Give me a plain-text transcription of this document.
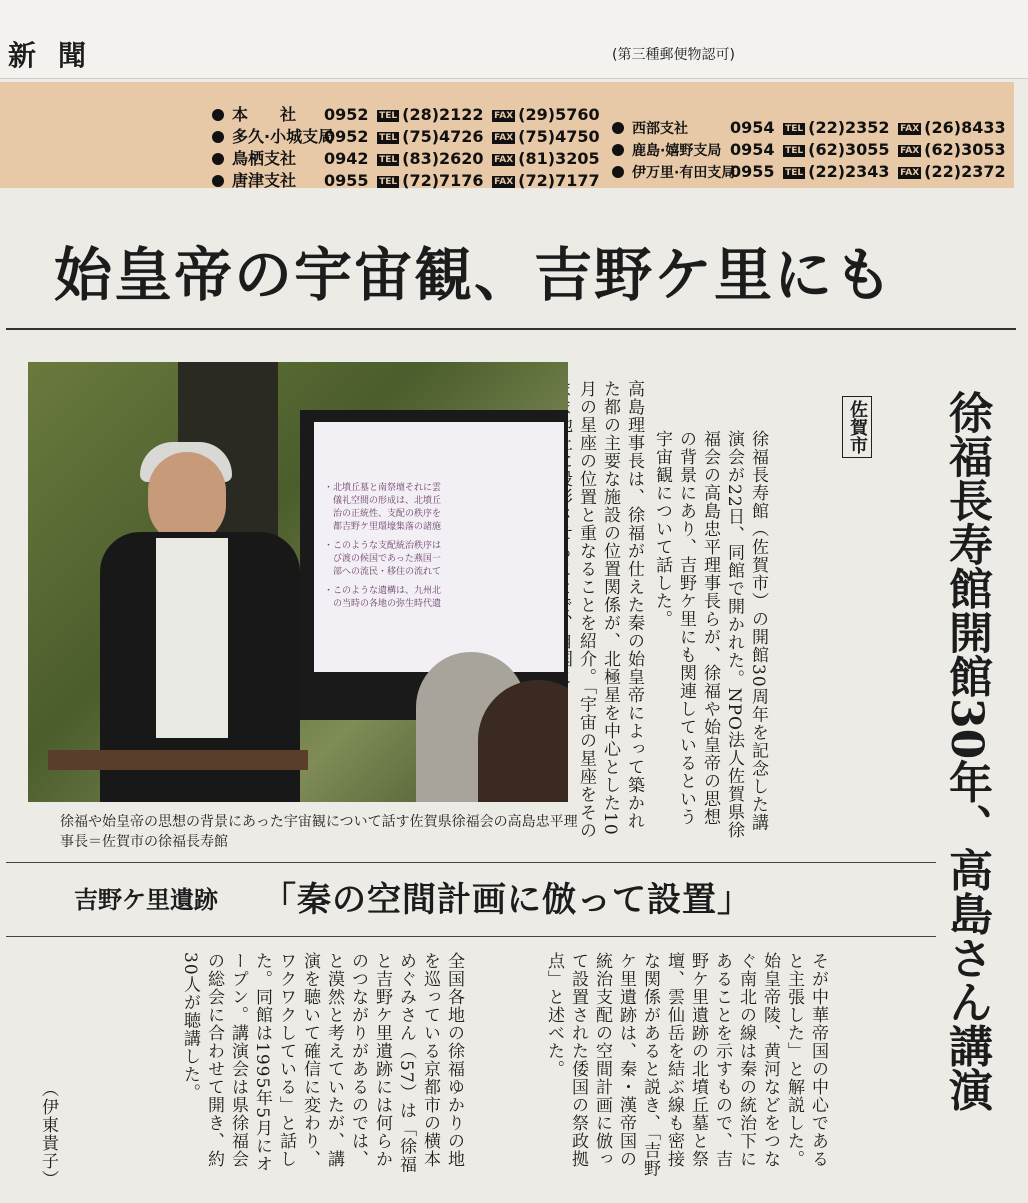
新聞	(第三種郵便物認可)
始皇帝の宇宙観、吉野ケ里にも
徐福長寿館開館30年、高島さん講演
佐賀市
徐福長寿館（佐賀市）の開館30周年を記念した講演会が22日、同館で開かれた。NPO法人佐賀県徐福会の高島忠平理事長らが、徐福や始皇帝の思想の背景にあり、吉野ケ里にも関連しているという宇宙観について話した。
高島理事長は、徐福が仕えた秦の始皇帝によって築かれた都の主要な施設の位置関係が、北極星を中心とした10月の星座の位置と重なることを紹介。「宇宙の星座をその
・北墳丘墓と南祭壇それに雲
　儀礼空間の形成は、北墳丘
　治の正統性、支配の秩序を
　都吉野ケ里環壕集落の諸施
・このような支配統治秩序は
　び渡の候国であった燕国一
　部への流民・移住の流れて
・このような遺構は、九州北
　の当時の各地の弥生時代遺
徐福や始皇帝の思想の背景にあった宇宙観について話す佐賀県徐福会の高島忠平理事長＝佐賀市の徐福長寿館
吉野ケ里遺跡 「秦の空間計画に倣って設置」
そが中華帝国の中心であると主張した」と解説した。始皇帝陵、黄河などをつなぐ南北の線は秦の統治下にあることを示すもので、吉野ケ里遺跡の北墳丘墓と祭壇、雲仙岳を結ぶ線も密接な関係があると説き、「吉野ケ里遺跡は、秦・漢帝国の統治支配の空間計画に倣って設置された倭国の祭政拠点」と述べた。
全国各地の徐福ゆかりの地を巡っている京都市の横本めぐみさん（57）は「徐福と吉野ケ里遺跡には何らかのつながりがあるのでは、と漠然と考えていたが、講演を聴いて確信に変わり、ワクワクしている」と話した。同館は1995年5月にオープン。講演会は県徐福会の総会に合わせて開き、約30人が聴講した。
（伊東貴子）
本　　社 0952 TEL (28)2122 FAX (29)5760
多久·小城支局0952 TEL (75)4726 FAX (75)4750
鳥栖支社 0942 TEL (83)2620 FAX (81)3205
唐津支社 0955 TEL (72)7176 FAX (72)7177
西部支社	0954 TEL (22)2352 FAX (26)8433
鹿島·嬉野支局 0954 TEL (62)3055 FAX (62)3053
伊万里·有田支局0955 TEL (22)2343 FAX (22)2372
